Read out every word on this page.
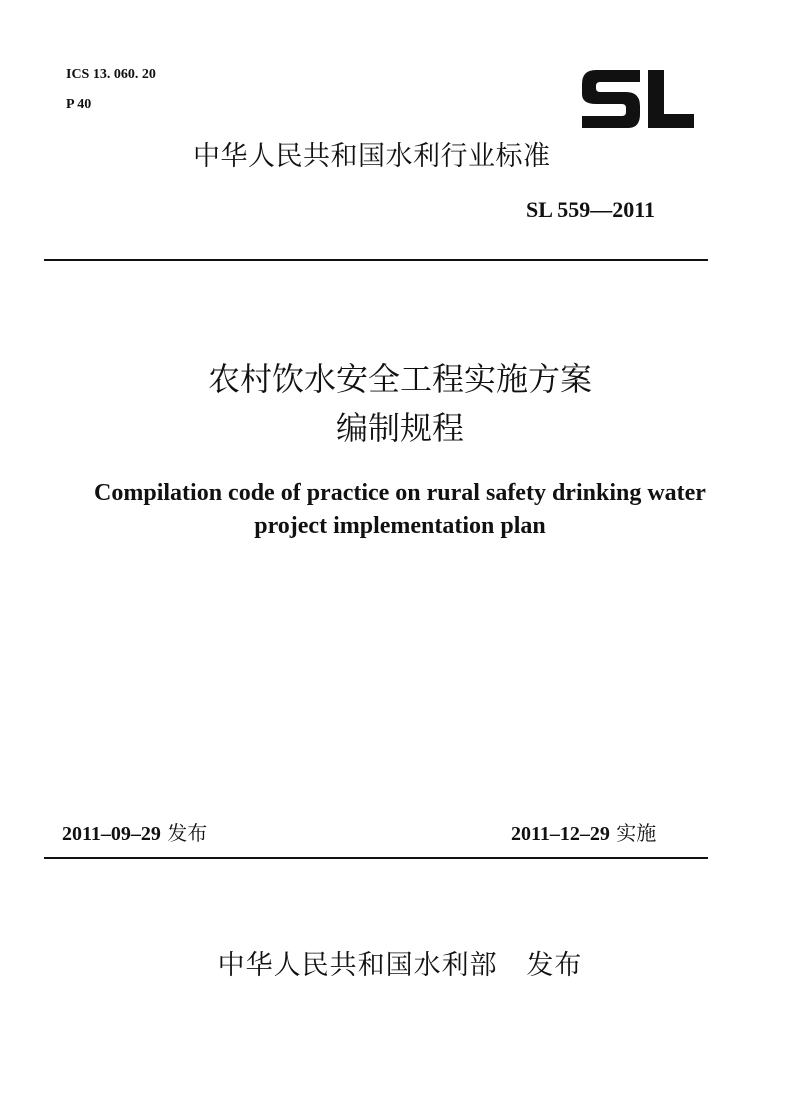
ICS 13. 060. 20
P 40
中华人民共和国水利行业标准
SL 559—2011
农村饮水安全工程实施方案
编制规程
Compilation code of practice on rural safety drinking water
project implementation plan
2011–09–29 发布	2011–12–29 实施
中华人民共和国水利部   发布
